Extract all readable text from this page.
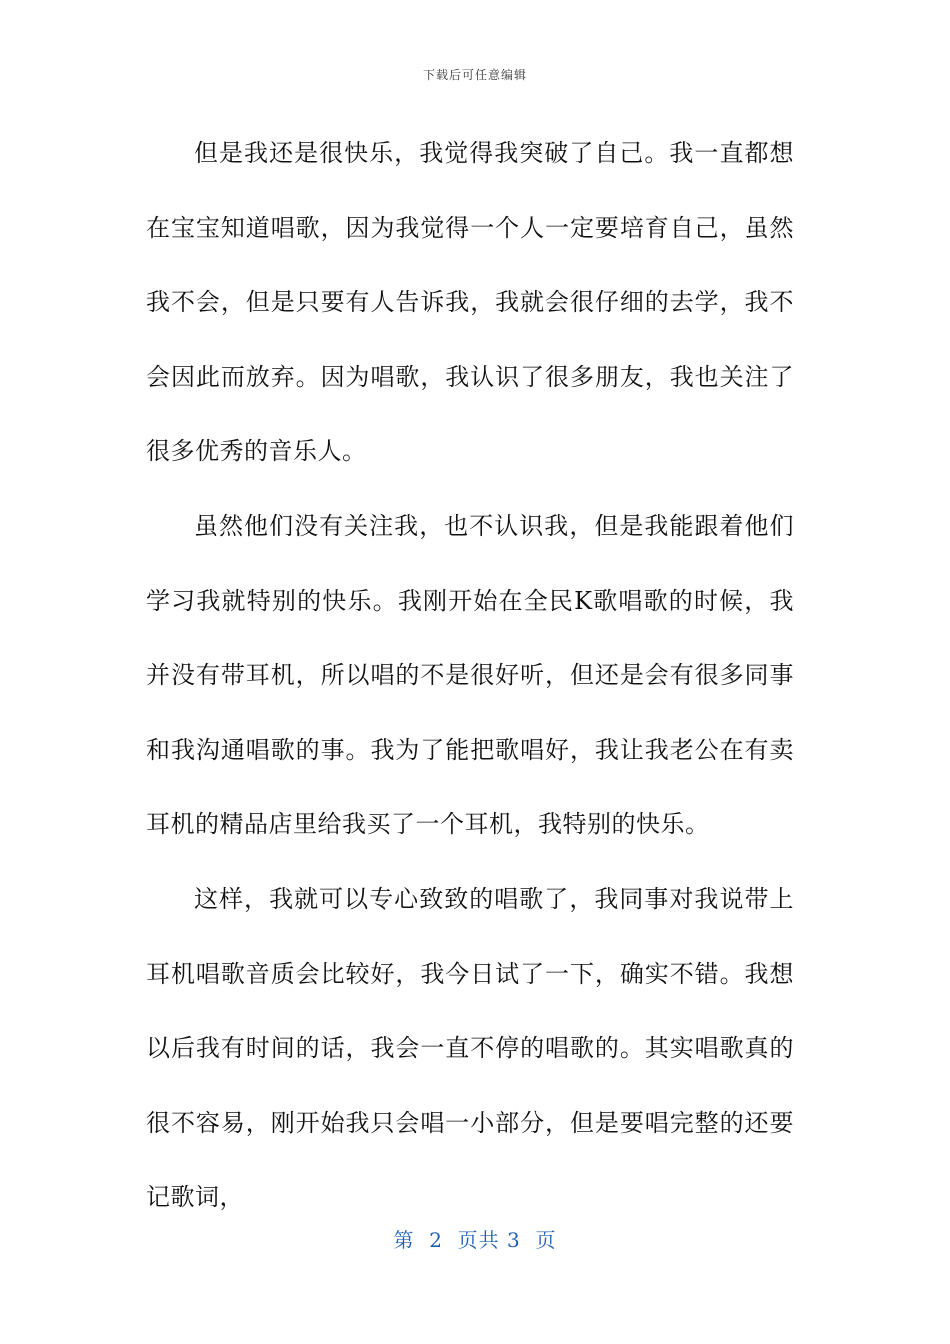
下载后可任意编辑

但是我还是很快乐，我觉得我突破了自己。我一直都想在宝宝知道唱歌，因为我觉得一个人一定要培育自己，虽然我不会，但是只要有人告诉我，我就会很仔细的去学，我不会因此而放弃。因为唱歌，我认识了很多朋友，我也关注了很多优秀的音乐人。

虽然他们没有关注我，也不认识我，但是我能跟着他们学习我就特别的快乐。我刚开始在全民K歌唱歌的时候，我并没有带耳机，所以唱的不是很好听，但还是会有很多同事和我沟通唱歌的事。我为了能把歌唱好，我让我老公在有卖耳机的精品店里给我买了一个耳机，我特别的快乐。

这样，我就可以专心致致的唱歌了，我同事对我说带上耳机唱歌音质会比较好，我今日试了一下，确实不错。我想以后我有时间的话，我会一直不停的唱歌的。其实唱歌真的很不容易，刚开始我只会唱一小部分，但是要唱完整的还要记歌词，

第  2  页共 3  页
